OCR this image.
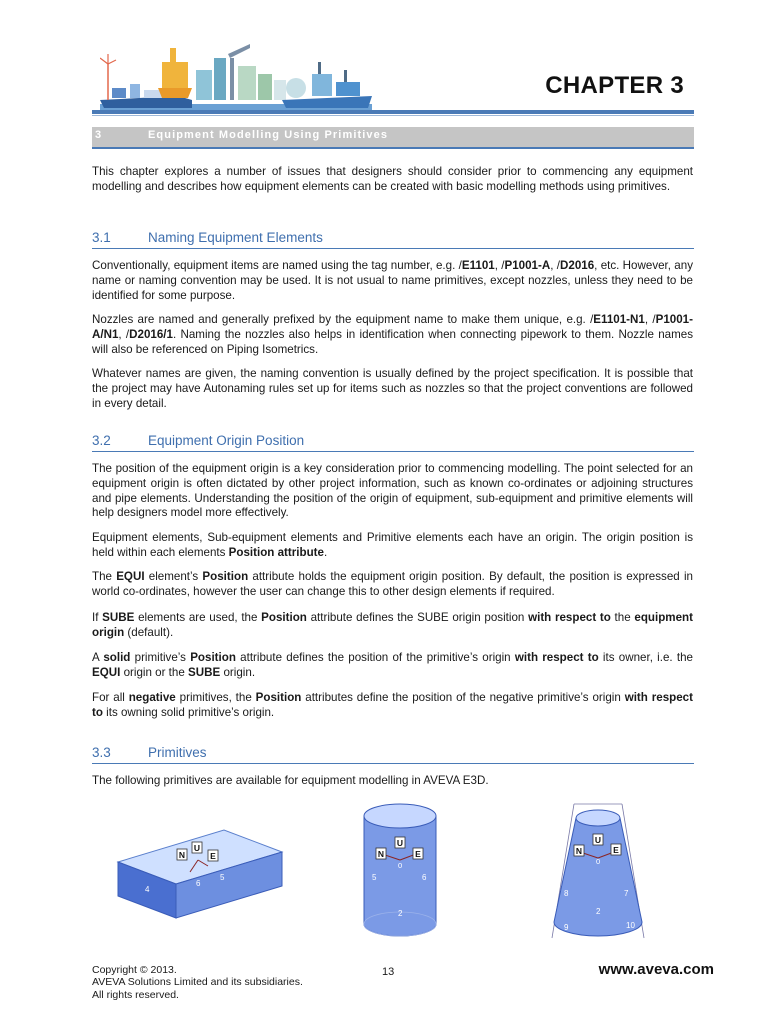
CHAPTER 3
3	Equipment Modelling Using Primitives

This chapter explores a number of issues that designers should consider prior to commencing any equipment modelling and describes how equipment elements can be created with basic modelling methods using primitives.

3.1	Naming Equipment Elements

Conventionally, equipment items are named using the tag number, e.g. /E1101, /P1001-A, /D2016, etc. However, any name or naming convention may be used. It is not usual to name primitives, except nozzles, unless they need to be identified for some purpose.

Nozzles are named and generally prefixed by the equipment name to make them unique, e.g. /E1101-N1, /P1001-A/N1, /D2016/1. Naming the nozzles also helps in identification when connecting pipework to them. Nozzle names will also be referenced on Piping Isometrics.

Whatever names are given, the naming convention is usually defined by the project specification. It is possible that the project may have Autonaming rules set up for items such as nozzles so that the project conventions are followed in every detail.

3.2	Equipment Origin Position

The position of the equipment origin is a key consideration prior to commencing modelling. The point selected for an equipment origin is often dictated by other project information, such as known co-ordinates or adjoining structures and pipe elements. Understanding the position of the origin of equipment, sub-equipment and primitive elements will help designers model more effectively.

Equipment elements, Sub-equipment elements and Primitive elements each have an origin. The origin position is held within each elements Position attribute.

The EQUI element’s Position attribute holds the equipment origin position. By default, the position is expressed in world co-ordinates, however the user can change this to other design elements if required.

If SUBE elements are used, the Position attribute defines the SUBE origin position with respect to the equipment origin (default).

A solid primitive’s Position attribute defines the position of the primitive’s origin with respect to its owner, i.e. the EQUI origin or the SUBE origin.

For all negative primitives, the Position attributes define the position of the negative primitive’s origin with respect to its owning solid primitive’s origin.

3.3	Primitives

The following primitives are available for equipment modelling in AVEVA E3D.

U
N	E
4
5
6
U
N	E
0
2
5	6
U
N	E
0
2
7
8
9	10
Copyright © 2013.
AVEVA Solutions Limited and its subsidiaries.
All rights reserved.
13	www.aveva.com
